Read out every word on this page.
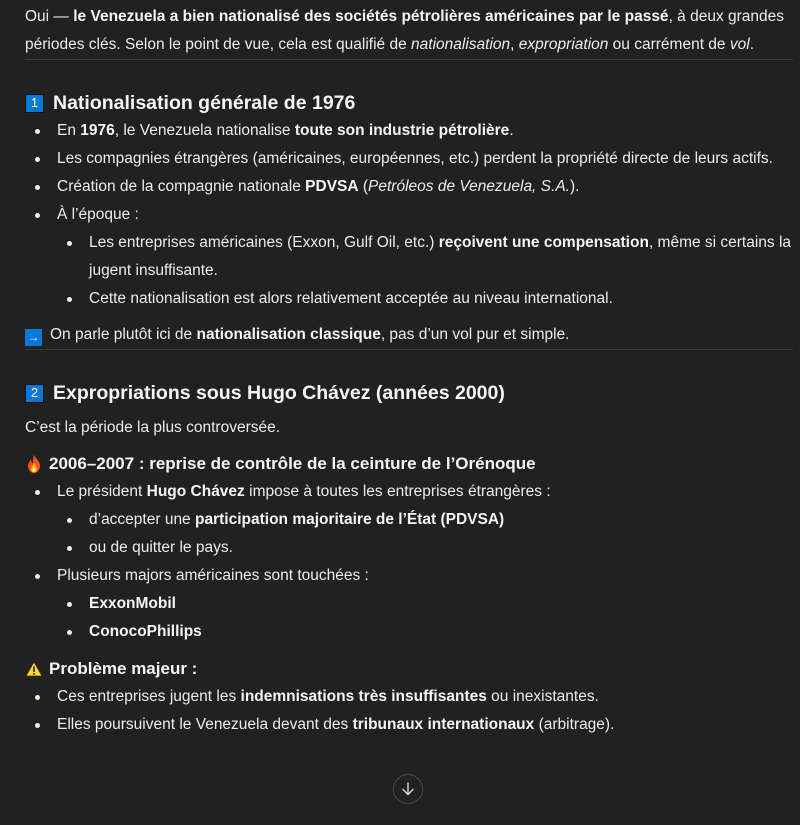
Oui — le Venezuela a bien nationalisé des sociétés pétrolières américaines par le passé, à deux grandes périodes clés. Selon le point de vue, cela est qualifié de nationalisation, expropriation ou carrément de vol.

1 Nationalisation générale de 1976
En 1976, le Venezuela nationalise toute son industrie pétrolière.
Les compagnies étrangères (américaines, européennes, etc.) perdent la propriété directe de leurs actifs.
Création de la compagnie nationale PDVSA (Petróleos de Venezuela, S.A.).
À l’époque :
Les entreprises américaines (Exxon, Gulf Oil, etc.) reçoivent une compensation, même si certains la jugent insuffisante.
Cette nationalisation est alors relativement acceptée au niveau international.

→ On parle plutôt ici de nationalisation classique, pas d’un vol pur et simple.

2 Expropriations sous Hugo Chávez (années 2000)

C’est la période la plus controversée.

2006–2007 : reprise de contrôle de la ceinture de l’Orénoque
Le président Hugo Chávez impose à toutes les entreprises étrangères :
d’accepter une participation majoritaire de l’État (PDVSA)
ou de quitter le pays.
Plusieurs majors américaines sont touchées :
ExxonMobil
ConocoPhillips
Problème majeur :
Ces entreprises jugent les indemnisations très insuffisantes ou inexistantes.
Elles poursuivent le Venezuela devant des tribunaux internationaux (arbitrage).
